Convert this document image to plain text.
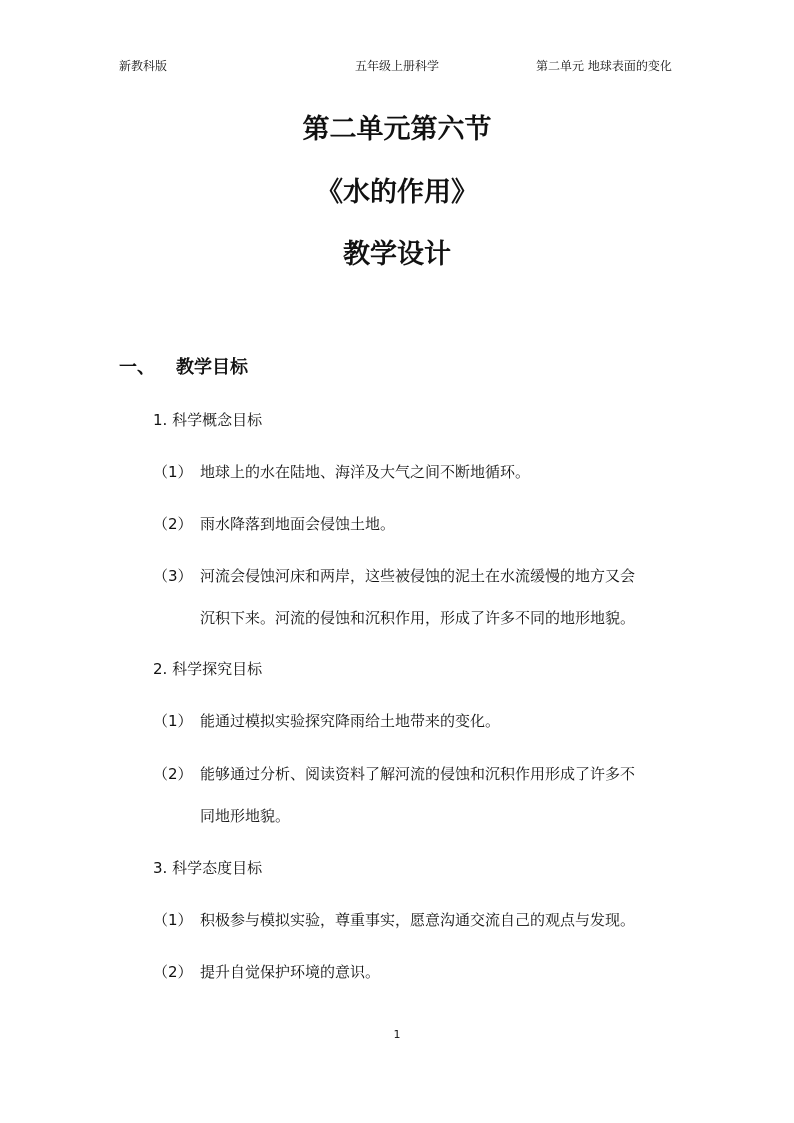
新教科版	五年级上册科学	第二单元 地球表面的变化
第二单元第六节
《水的作用》
教学设计
一、 教学目标
1. 科学概念目标
（1） 地球上的水在陆地、海洋及大气之间不断地循环。
（2） 雨水降落到地面会侵蚀土地。
（3） 河流会侵蚀河床和两岸，这些被侵蚀的泥土在水流缓慢的地方又会
沉积下来。河流的侵蚀和沉积作用，形成了许多不同的地形地貌。
2. 科学探究目标
（1） 能通过模拟实验探究降雨给土地带来的变化。
（2） 能够通过分析、阅读资料了解河流的侵蚀和沉积作用形成了许多不
同地形地貌。
3. 科学态度目标
（1） 积极参与模拟实验，尊重事实，愿意沟通交流自己的观点与发现。
（2） 提升自觉保护环境的意识。
1
